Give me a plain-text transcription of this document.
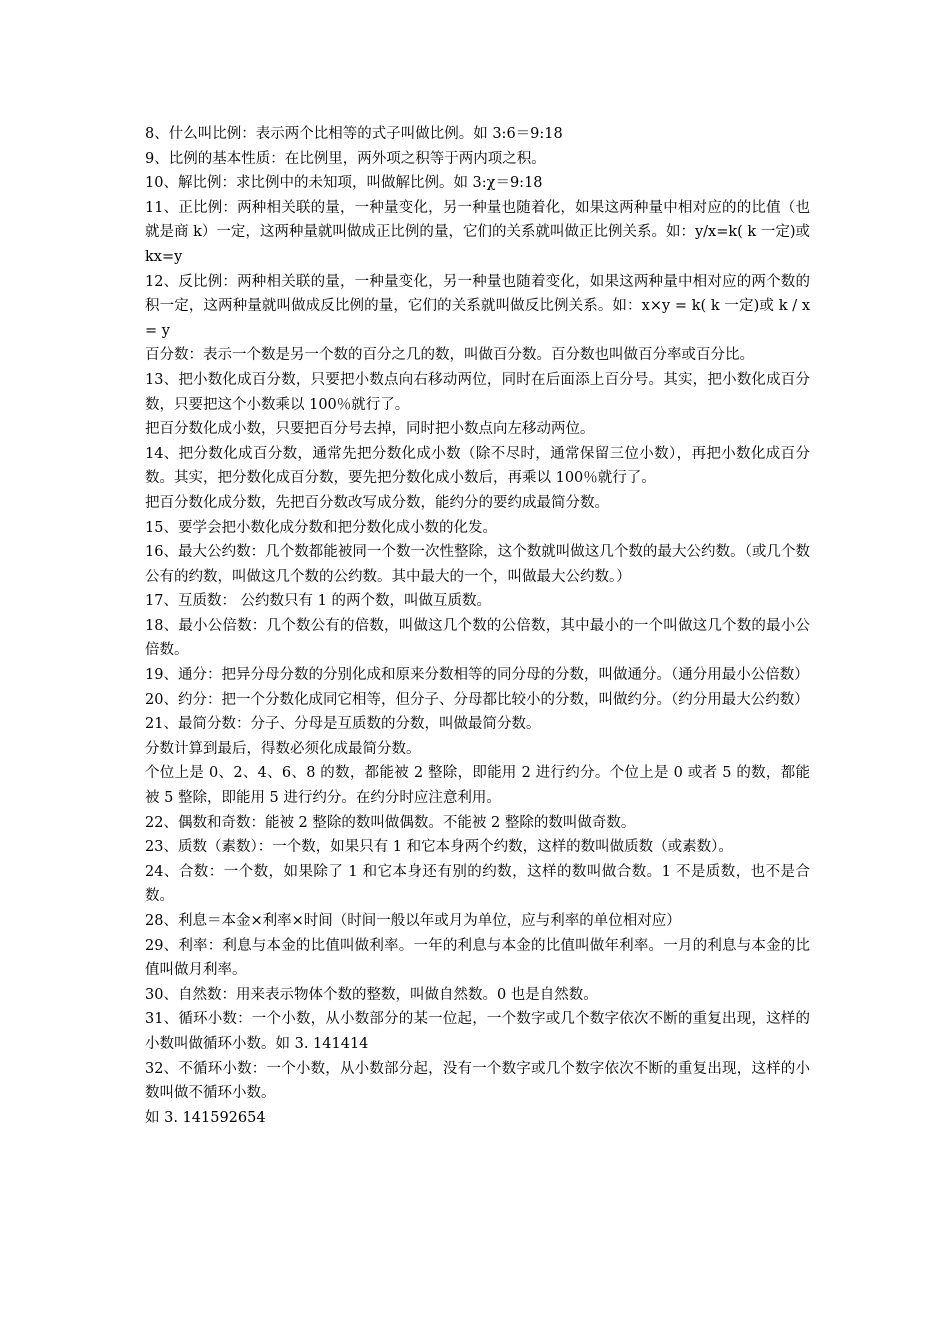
8、什么叫比例：表示两个比相等的式子叫做比例。如 3:6＝9:18

9、比例的基本性质：在比例里，两外项之积等于两内项之积。

10、解比例：求比例中的未知项，叫做解比例。如 3:χ＝9:18

11、正比例：两种相关联的量，一种量变化，另一种量也随着化，如果这两种量中相对应的的比值（也就是商 k）一定，这两种量就叫做成正比例的量，它们的关系就叫做正比例关系。如：y/x=k( k 一定)或 kx=y

12、反比例：两种相关联的量，一种量变化，另一种量也随着变化，如果这两种量中相对应的两个数的积一定，这两种量就叫做成反比例的量，它们的关系就叫做反比例关系。如：x×y = k( k 一定)或 k / x = y

百分数：表示一个数是另一个数的百分之几的数，叫做百分数。百分数也叫做百分率或百分比。

13、把小数化成百分数，只要把小数点向右移动两位，同时在后面添上百分号。其实，把小数化成百分数，只要把这个小数乘以 100％就行了。

把百分数化成小数，只要把百分号去掉，同时把小数点向左移动两位。

14、把分数化成百分数，通常先把分数化成小数（除不尽时，通常保留三位小数），再把小数化成百分数。其实，把分数化成百分数，要先把分数化成小数后，再乘以 100％就行了。

把百分数化成分数，先把百分数改写成分数，能约分的要约成最简分数。

15、要学会把小数化成分数和把分数化成小数的化发。

16、最大公约数：几个数都能被同一个数一次性整除，这个数就叫做这几个数的最大公约数。（或几个数公有的约数，叫做这几个数的公约数。其中最大的一个，叫做最大公约数。）

17、互质数： 公约数只有 1 的两个数，叫做互质数。

18、最小公倍数：几个数公有的倍数，叫做这几个数的公倍数，其中最小的一个叫做这几个数的最小公倍数。

19、通分：把异分母分数的分别化成和原来分数相等的同分母的分数，叫做通分。（通分用最小公倍数）

20、约分：把一个分数化成同它相等，但分子、分母都比较小的分数，叫做约分。（约分用最大公约数）

21、最简分数：分子、分母是互质数的分数，叫做最简分数。

分数计算到最后，得数必须化成最简分数。

个位上是 0、2、4、6、8 的数，都能被 2 整除，即能用 2 进行约分。个位上是 0 或者 5 的数，都能被 5 整除，即能用 5 进行约分。在约分时应注意利用。

22、偶数和奇数：能被 2 整除的数叫做偶数。不能被 2 整除的数叫做奇数。

23、质数（素数）：一个数，如果只有 1 和它本身两个约数，这样的数叫做质数（或素数）。

24、合数：一个数，如果除了 1 和它本身还有别的约数，这样的数叫做合数。1 不是质数，也不是合数。

28、利息＝本金×利率×时间（时间一般以年或月为单位，应与利率的单位相对应）

29、利率：利息与本金的比值叫做利率。一年的利息与本金的比值叫做年利率。一月的利息与本金的比值叫做月利率。

30、自然数：用来表示物体个数的整数，叫做自然数。0 也是自然数。

31、循环小数：一个小数，从小数部分的某一位起，一个数字或几个数字依次不断的重复出现，这样的小数叫做循环小数。如 3. 141414

32、不循环小数：一个小数，从小数部分起，没有一个数字或几个数字依次不断的重复出现，这样的小数叫做不循环小数。

如 3. 141592654
